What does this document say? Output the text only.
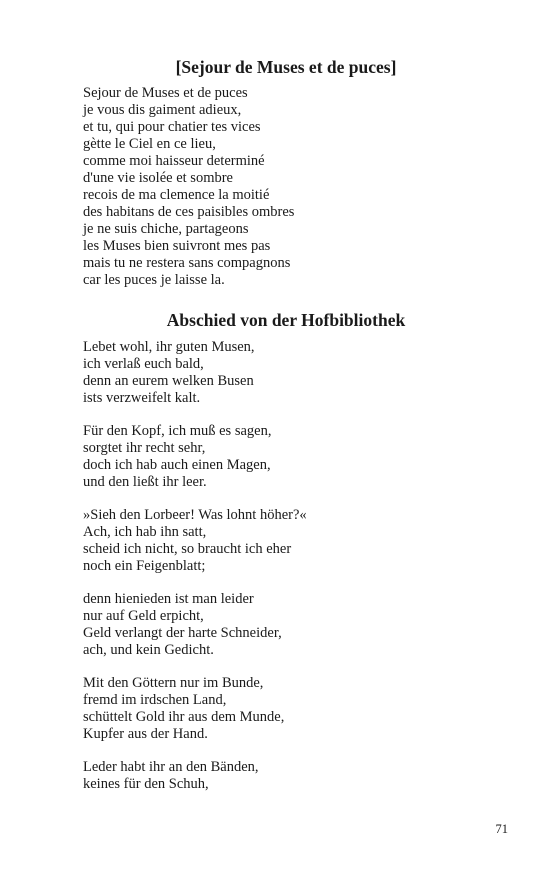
[Sejour de Muses et de puces]
Sejour de Muses et de puces
je vous dis gaiment adieux,
et tu, qui pour chatier tes vices
gètte le Ciel en ce lieu,
comme moi haisseur determiné
d'une vie isolée et sombre
recois de ma clemence la moitié
des habitans de ces paisibles ombres
je ne suis chiche, partageons
les Muses bien suivront mes pas
mais tu ne restera sans compagnons
car les puces je laisse la.
Abschied von der Hofbibliothek
Lebet wohl, ihr guten Musen,
ich verlaß euch bald,
denn an eurem welken Busen
ists verzweifelt kalt.
Für den Kopf, ich muß es sagen,
sorgtet ihr recht sehr,
doch ich hab auch einen Magen,
und den ließt ihr leer.
»Sieh den Lorbeer! Was lohnt höher?«
Ach, ich hab ihn satt,
scheid ich nicht, so braucht ich eher
noch ein Feigenblatt;
denn hienieden ist man leider
nur auf Geld erpicht,
Geld verlangt der harte Schneider,
ach, und kein Gedicht.
Mit den Göttern nur im Bunde,
fremd im irdschen Land,
schüttelt Gold ihr aus dem Munde,
Kupfer aus der Hand.
Leder habt ihr an den Bänden,
keines für den Schuh,
71
